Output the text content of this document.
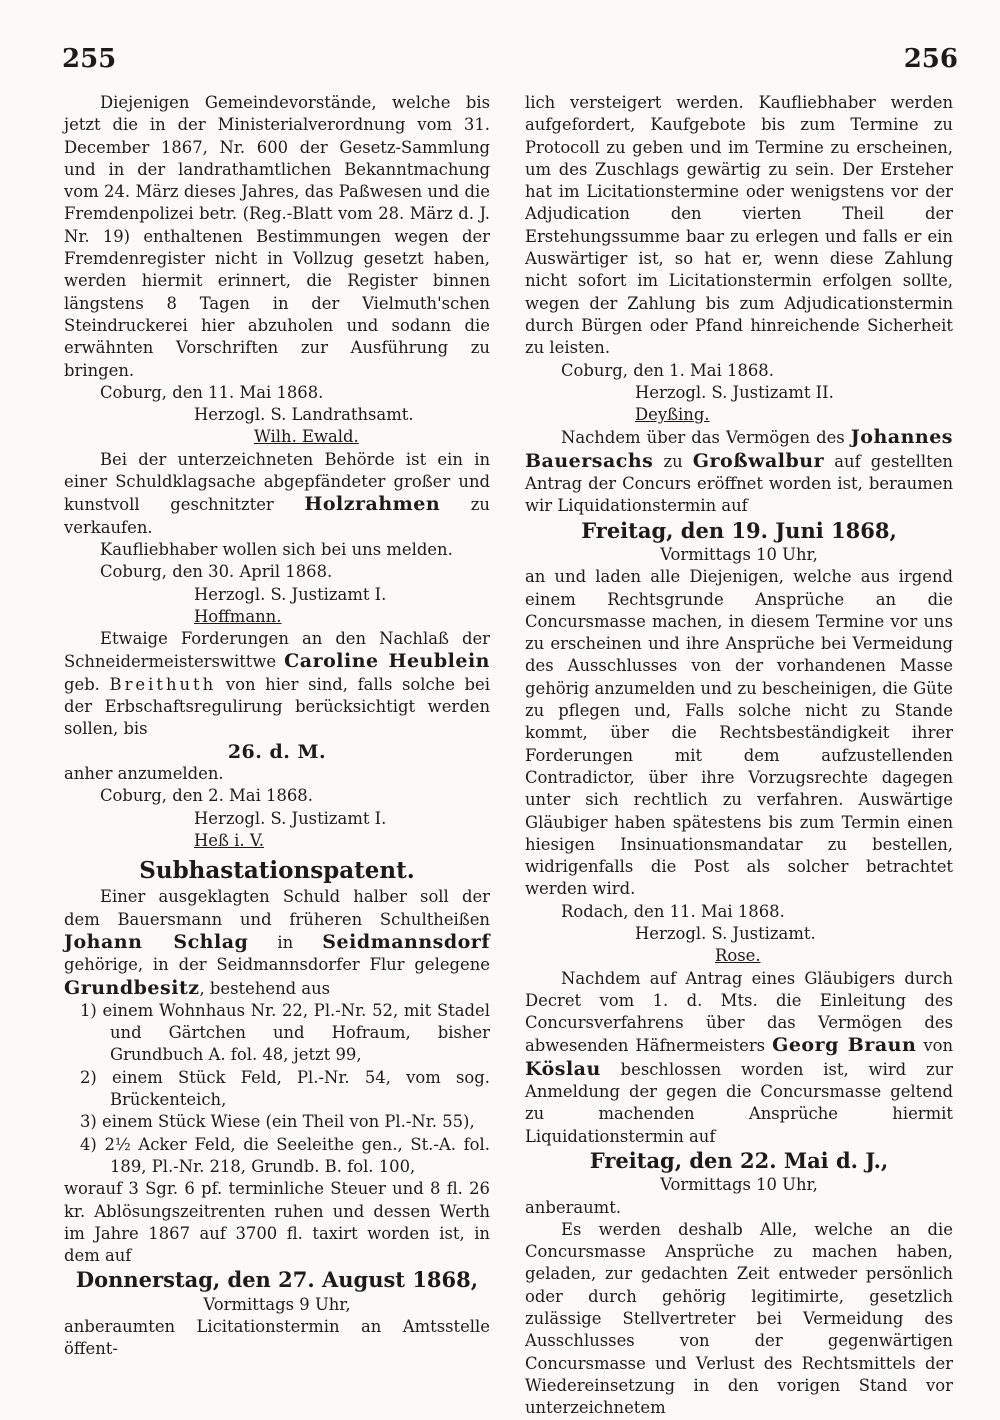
255	256

Diejenigen Gemeindevorstände, welche bis jetzt die in der Ministerialverordnung vom 31. December 1867, Nr. 600 der Gesetz-Sammlung und in der landrathamtlichen Bekanntmachung vom 24. März dieses Jahres, das Paßwesen und die Fremdenpolizei betr. (Reg.-Blatt vom 28. März d. J. Nr. 19) enthaltenen Bestimmungen wegen der Fremdenregister nicht in Vollzug gesetzt haben, werden hiermit erinnert, die Register binnen längstens 8 Tagen in der Vielmuth'schen Steindruckerei hier abzuholen und sodann die erwähnten Vorschriften zur Ausführung zu bringen.

Coburg, den 11. Mai 1868.

Herzogl. S. Landrathsamt.

Wilh. Ewald.

Bei der unterzeichneten Behörde ist ein in einer Schuldklagsache abgepfändeter großer und kunstvoll geschnitzter Holzrahmen zu verkaufen.

Kaufliebhaber wollen sich bei uns melden.

Coburg, den 30. April 1868.

Herzogl. S. Justizamt I.

Hoffmann.

Etwaige Forderungen an den Nachlaß der Schneidermeisterswittwe Caroline Heublein geb. Breithuth von hier sind, falls solche bei der Erbschaftsregulirung berücksichtigt werden sollen, bis

26. d. M.

anher anzumelden.

Coburg, den 2. Mai 1868.

Herzogl. S. Justizamt I.

Heß i. V.

Subhastationspatent.

Einer ausgeklagten Schuld halber soll der dem Bauersmann und früheren Schultheißen Johann Schlag in Seidmannsdorf gehörige, in der Seidmannsdorfer Flur gelegene Grundbesitz, bestehend aus

1) einem Wohnhaus Nr. 22, Pl.-Nr. 52, mit Stadel und Gärtchen und Hofraum, bisher Grundbuch A. fol. 48, jetzt 99,

2) einem Stück Feld, Pl.-Nr. 54, vom sog. Brückenteich,

3) einem Stück Wiese (ein Theil von Pl.-Nr. 55),

4) 2½ Acker Feld, die Seeleithe gen., St.-A. fol. 189, Pl.-Nr. 218, Grundb. B. fol. 100,

worauf 3 Sgr. 6 pf. terminliche Steuer und 8 fl. 26 kr. Ablösungszeitrenten ruhen und dessen Werth im Jahre 1867 auf 3700 fl. taxirt worden ist, in dem auf

Donnerstag, den 27. August 1868,

Vormittags 9 Uhr,

anberaumten Licitationstermin an Amtsstelle öffent-

lich versteigert werden. Kaufliebhaber werden aufgefordert, Kaufgebote bis zum Termine zu Protocoll zu geben und im Termine zu erscheinen, um des Zuschlags gewärtig zu sein. Der Ersteher hat im Licitationstermine oder wenigstens vor der Adjudication den vierten Theil der Erstehungssumme baar zu erlegen und falls er ein Auswärtiger ist, so hat er, wenn diese Zahlung nicht sofort im Licitationstermin erfolgen sollte, wegen der Zahlung bis zum Adjudicationstermin durch Bürgen oder Pfand hinreichende Sicherheit zu leisten.

Coburg, den 1. Mai 1868.

Herzogl. S. Justizamt II.

Deyßing.

Nachdem über das Vermögen des Johannes Bauersachs zu Großwalbur auf gestellten Antrag der Concurs eröffnet worden ist, beraumen wir Liquidationstermin auf

Freitag, den 19. Juni 1868,

Vormittags 10 Uhr,

an und laden alle Diejenigen, welche aus irgend einem Rechtsgrunde Ansprüche an die Concursmasse machen, in diesem Termine vor uns zu erscheinen und ihre Ansprüche bei Vermeidung des Ausschlusses von der vorhandenen Masse gehörig anzumelden und zu bescheinigen, die Güte zu pflegen und, Falls solche nicht zu Stande kommt, über die Rechtsbeständigkeit ihrer Forderungen mit dem aufzustellenden Contradictor, über ihre Vorzugsrechte dagegen unter sich rechtlich zu verfahren. Auswärtige Gläubiger haben spätestens bis zum Termin einen hiesigen Insinuationsmandatar zu bestellen, widrigenfalls die Post als solcher betrachtet werden wird.

Rodach, den 11. Mai 1868.

Herzogl. S. Justizamt.

Rose.

Nachdem auf Antrag eines Gläubigers durch Decret vom 1. d. Mts. die Einleitung des Concursverfahrens über das Vermögen des abwesenden Häfnermeisters Georg Braun von Köslau beschlossen worden ist, wird zur Anmeldung der gegen die Concursmasse geltend zu machenden Ansprüche hiermit Liquidationstermin auf

Freitag, den 22. Mai d. J.,

Vormittags 10 Uhr,

anberaumt.

Es werden deshalb Alle, welche an die Concursmasse Ansprüche zu machen haben, geladen, zur gedachten Zeit entweder persönlich oder durch gehörig legitimirte, gesetzlich zulässige Stellvertreter bei Vermeidung des Ausschlusses von der gegenwärtigen Concursmasse und Verlust des Rechtsmittels der Wiedereinsetzung in den vorigen Stand vor unterzeichnetem
